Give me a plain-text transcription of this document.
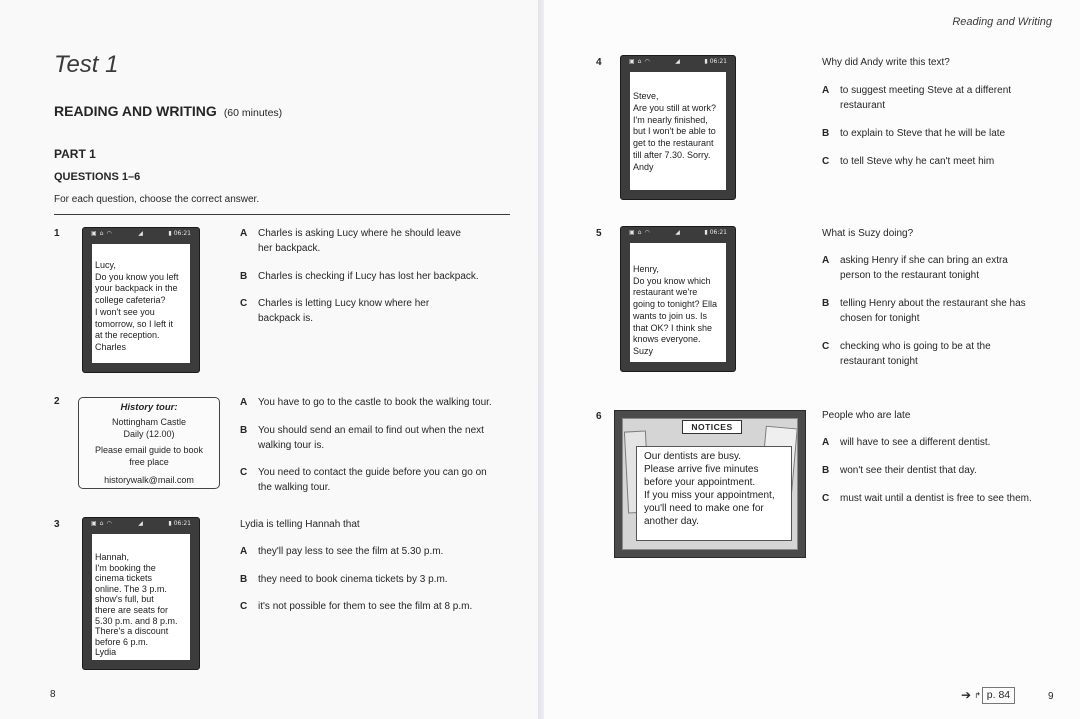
Test 1
READING AND WRITING (60 minutes)
PART 1
QUESTIONS 1–6
For each question, choose the correct answer.
1	▣ ⌂ ◠	◢	▮ 06:21
Lucy,
Do you know you left
your backpack in the
college cafeteria?
I won't see you
tomorrow, so I left it
at the reception.
Charles
A Charles is asking Lucy where he should leave
her backpack.
B Charles is checking if Lucy has lost her backpack.
C Charles is letting Lucy know where her
backpack is.
2
History tour:
Nottingham Castle
Daily (12.00)
Please email guide to book
free place
historywalk@mail.com
A You have to go to the castle to book the walking tour.
B You should send an email to find out when the next
walking tour is.
C You need to contact the guide before you can go on
the walking tour.
3	▣ ⌂ ◠	◢	▮ 06:21
Hannah,
I'm booking the
cinema tickets
online. The 3 p.m.
show's full, but
there are seats for
5.30 p.m. and 8 p.m.
There's a discount
before 6 p.m.
Lydia
Lydia is telling Hannah that
A they'll pay less to see the film at 5.30 p.m.
B they need to book cinema tickets by 3 p.m.
C it's not possible for them to see the film at 8 p.m.
8
Reading and Writing
4	▣ ⌂ ◠	◢	▮ 06:21
Steve,
Are you still at work?
I'm nearly finished,
but I won't be able to
get to the restaurant
till after 7.30. Sorry.
Andy
Why did Andy write this text?
A to suggest meeting Steve at a different
restaurant
B to explain to Steve that he will be late
C to tell Steve why he can't meet him
5	▣ ⌂ ◠	◢	▮ 06:21
Henry,
Do you know which
restaurant we're
going to tonight? Ella
wants to join us. Is
that OK? I think she
knows everyone.
Suzy
What is Suzy doing?
A asking Henry if she can bring an extra
person to the restaurant tonight
B telling Henry about the restaurant she has
chosen for tonight
C checking who is going to be at the
restaurant tonight
6
NOTICES
Our dentists are busy.
Please arrive five minutes
before your appointment.
If you miss your appointment,
you'll need to make one for
another day.
People who are late
A will have to see a different dentist.
B won't see their dentist that day.
C must wait until a dentist is free to see them.
➔ ↱ p. 84	9
